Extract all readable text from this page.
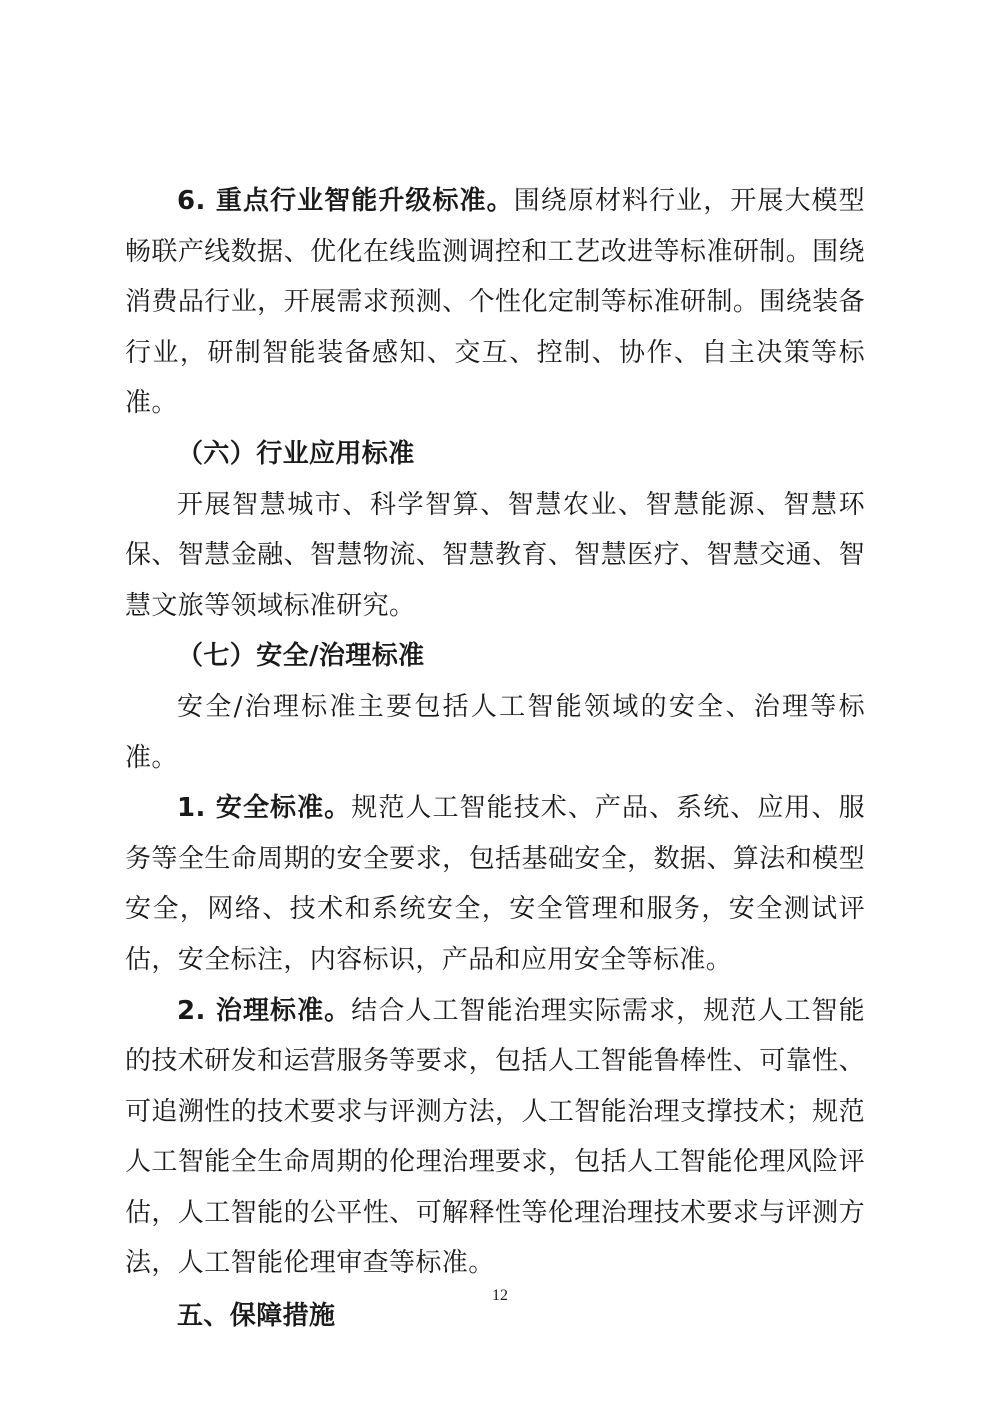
6. 重点行业智能升级标准。围绕原材料行业，开展大模型畅联产线数据、优化在线监测调控和工艺改进等标准研制。围绕消费品行业，开展需求预测、个性化定制等标准研制。围绕装备行业，研制智能装备感知、交互、控制、协作、自主决策等标准。

（六）行业应用标准

开展智慧城市、科学智算、智慧农业、智慧能源、智慧环保、智慧金融、智慧物流、智慧教育、智慧医疗、智慧交通、智慧文旅等领域标准研究。

（七）安全/治理标准

安全/治理标准主要包括人工智能领域的安全、治理等标准。

1. 安全标准。规范人工智能技术、产品、系统、应用、服务等全生命周期的安全要求，包括基础安全，数据、算法和模型安全，网络、技术和系统安全，安全管理和服务，安全测试评估，安全标注，内容标识，产品和应用安全等标准。

2. 治理标准。结合人工智能治理实际需求，规范人工智能的技术研发和运营服务等要求，包括人工智能鲁棒性、可靠性、可追溯性的技术要求与评测方法，人工智能治理支撑技术；规范人工智能全生命周期的伦理治理要求，包括人工智能伦理风险评估，人工智能的公平性、可解释性等伦理治理技术要求与评测方法，人工智能伦理审查等标准。

五、保障措施

12
